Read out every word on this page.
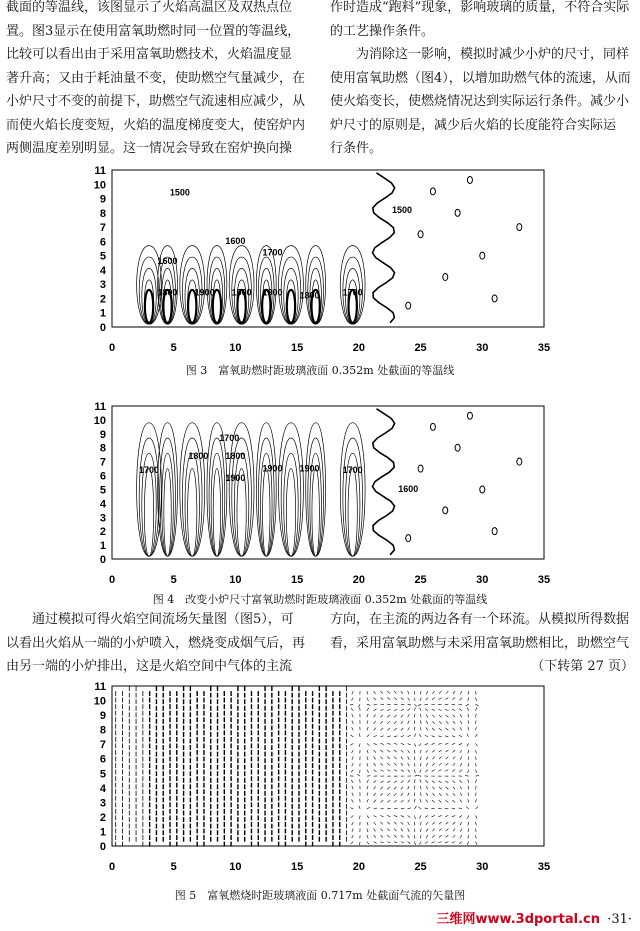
截面的等温线，该图显示了火焰高温区及双热点位

置。图3显示在使用富氧助燃时同一位置的等温线，

比较可以看出由于采用富氧助燃技术，火焰温度显

著升高；又由于耗油量不变，使助燃空气量减少，在

小炉尺寸不变的前提下，助燃空气流速相应减少，从

而使火焰长度变短，火焰的温度梯度变大，使窑炉内

两侧温度差别明显。这一情况会导致在窑炉换向操

作时造成“跑料”现象，影响玻璃的质量，不符合实际

的工艺操作条件。

为消除这一影响，模拟时减少小炉的尺寸，同样

使用富氧助燃（图4），以增加助燃气体的流速，从而

使火焰变长，使燃烧情况达到实际运行条件。减少小

炉尺寸的原则是，减少后火焰的长度能符合实际运

行条件。

0
1
2
3
4
5
6
7
8
9
10
11
0	5	10	15	20	25	30	35
1500
1500
1600
1600
1700
1800 1900 1900 1900 1800	1700
图 3　富氧助燃时距玻璃液面 0.352m 处截面的等温线
0
1
2
3
4
5
6
7
8
9
10
11
0	5	10	15	20	25	30	35
1700
1800 1800
1700	1900 1900
1900
1700
1600
图 4　改变小炉尺寸富氧助燃时距玻璃液面 0.352m 处截面的等温线

通过模拟可得火焰空间流场矢量图（图5），可

以看出火焰从一端的小炉喷入，燃烧变成烟气后，再

由另一端的小炉排出，这是火焰空间中气体的主流

方向，在主流的两边各有一个环流。从模拟所得数据

看，采用富氧助燃与未采用富氧助燃相比，助燃空气

（下转第 27 页）

0
1
2
3
4
5
6
7
8
9
10
11
0	5	10	15	20	25	30	35
图 5　富氧燃烧时距玻璃液面 0.717m 处截面气流的矢量图
三维网www.3dportal.cn ·31·
